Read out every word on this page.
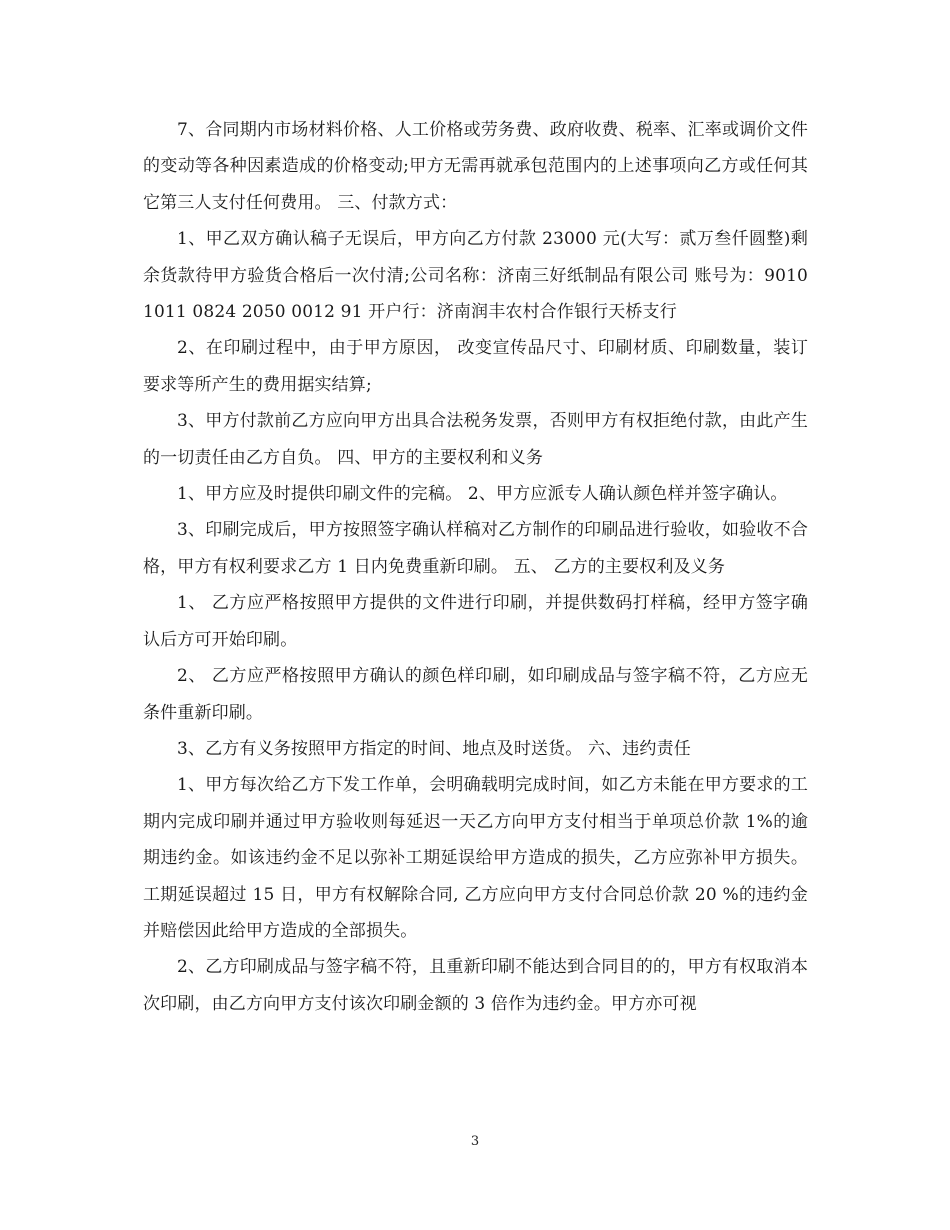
7、合同期内市场材料价格、人工价格或劳务费、政府收费、税率、汇率或调价文件的变动等各种因素造成的价格变动;甲方无需再就承包范围内的上述事项向乙方或任何其它第三人支付任何费用。 三、付款方式：

1、甲乙双方确认稿子无误后，甲方向乙方付款 23000 元(大写：贰万叁仟圆整)剩余货款待甲方验货合格后一次付清;公司名称：济南三好纸制品有限公司 账号为：9010 1011 0824 2050 0012 91 开户行：济南润丰农村合作银行天桥支行

2、在印刷过程中，由于甲方原因， 改变宣传品尺寸、印刷材质、印刷数量，装订要求等所产生的费用据实结算;

3、甲方付款前乙方应向甲方出具合法税务发票，否则甲方有权拒绝付款，由此产生的一切责任由乙方自负。 四、甲方的主要权利和义务

1、甲方应及时提供印刷文件的完稿。 2、甲方应派专人确认颜色样并签字确认。

3、印刷完成后，甲方按照签字确认样稿对乙方制作的印刷品进行验收，如验收不合格，甲方有权利要求乙方 1 日内免费重新印刷。 五、 乙方的主要权利及义务

1、 乙方应严格按照甲方提供的文件进行印刷，并提供数码打样稿，经甲方签字确认后方可开始印刷。

2、 乙方应严格按照甲方确认的颜色样印刷，如印刷成品与签字稿不符，乙方应无条件重新印刷。

3、乙方有义务按照甲方指定的时间、地点及时送货。 六、违约责任

1、甲方每次给乙方下发工作单，会明确载明完成时间，如乙方未能在甲方要求的工期内完成印刷并通过甲方验收则每延迟一天乙方向甲方支付相当于单项总价款 1%的逾期违约金。如该违约金不足以弥补工期延误给甲方造成的损失，乙方应弥补甲方损失。工期延误超过 15 日，甲方有权解除合同, 乙方应向甲方支付合同总价款 20 %的违约金并赔偿因此给甲方造成的全部损失。

2、乙方印刷成品与签字稿不符，且重新印刷不能达到合同目的的，甲方有权取消本次印刷，由乙方向甲方支付该次印刷金额的 3 倍作为违约金。甲方亦可视

3
